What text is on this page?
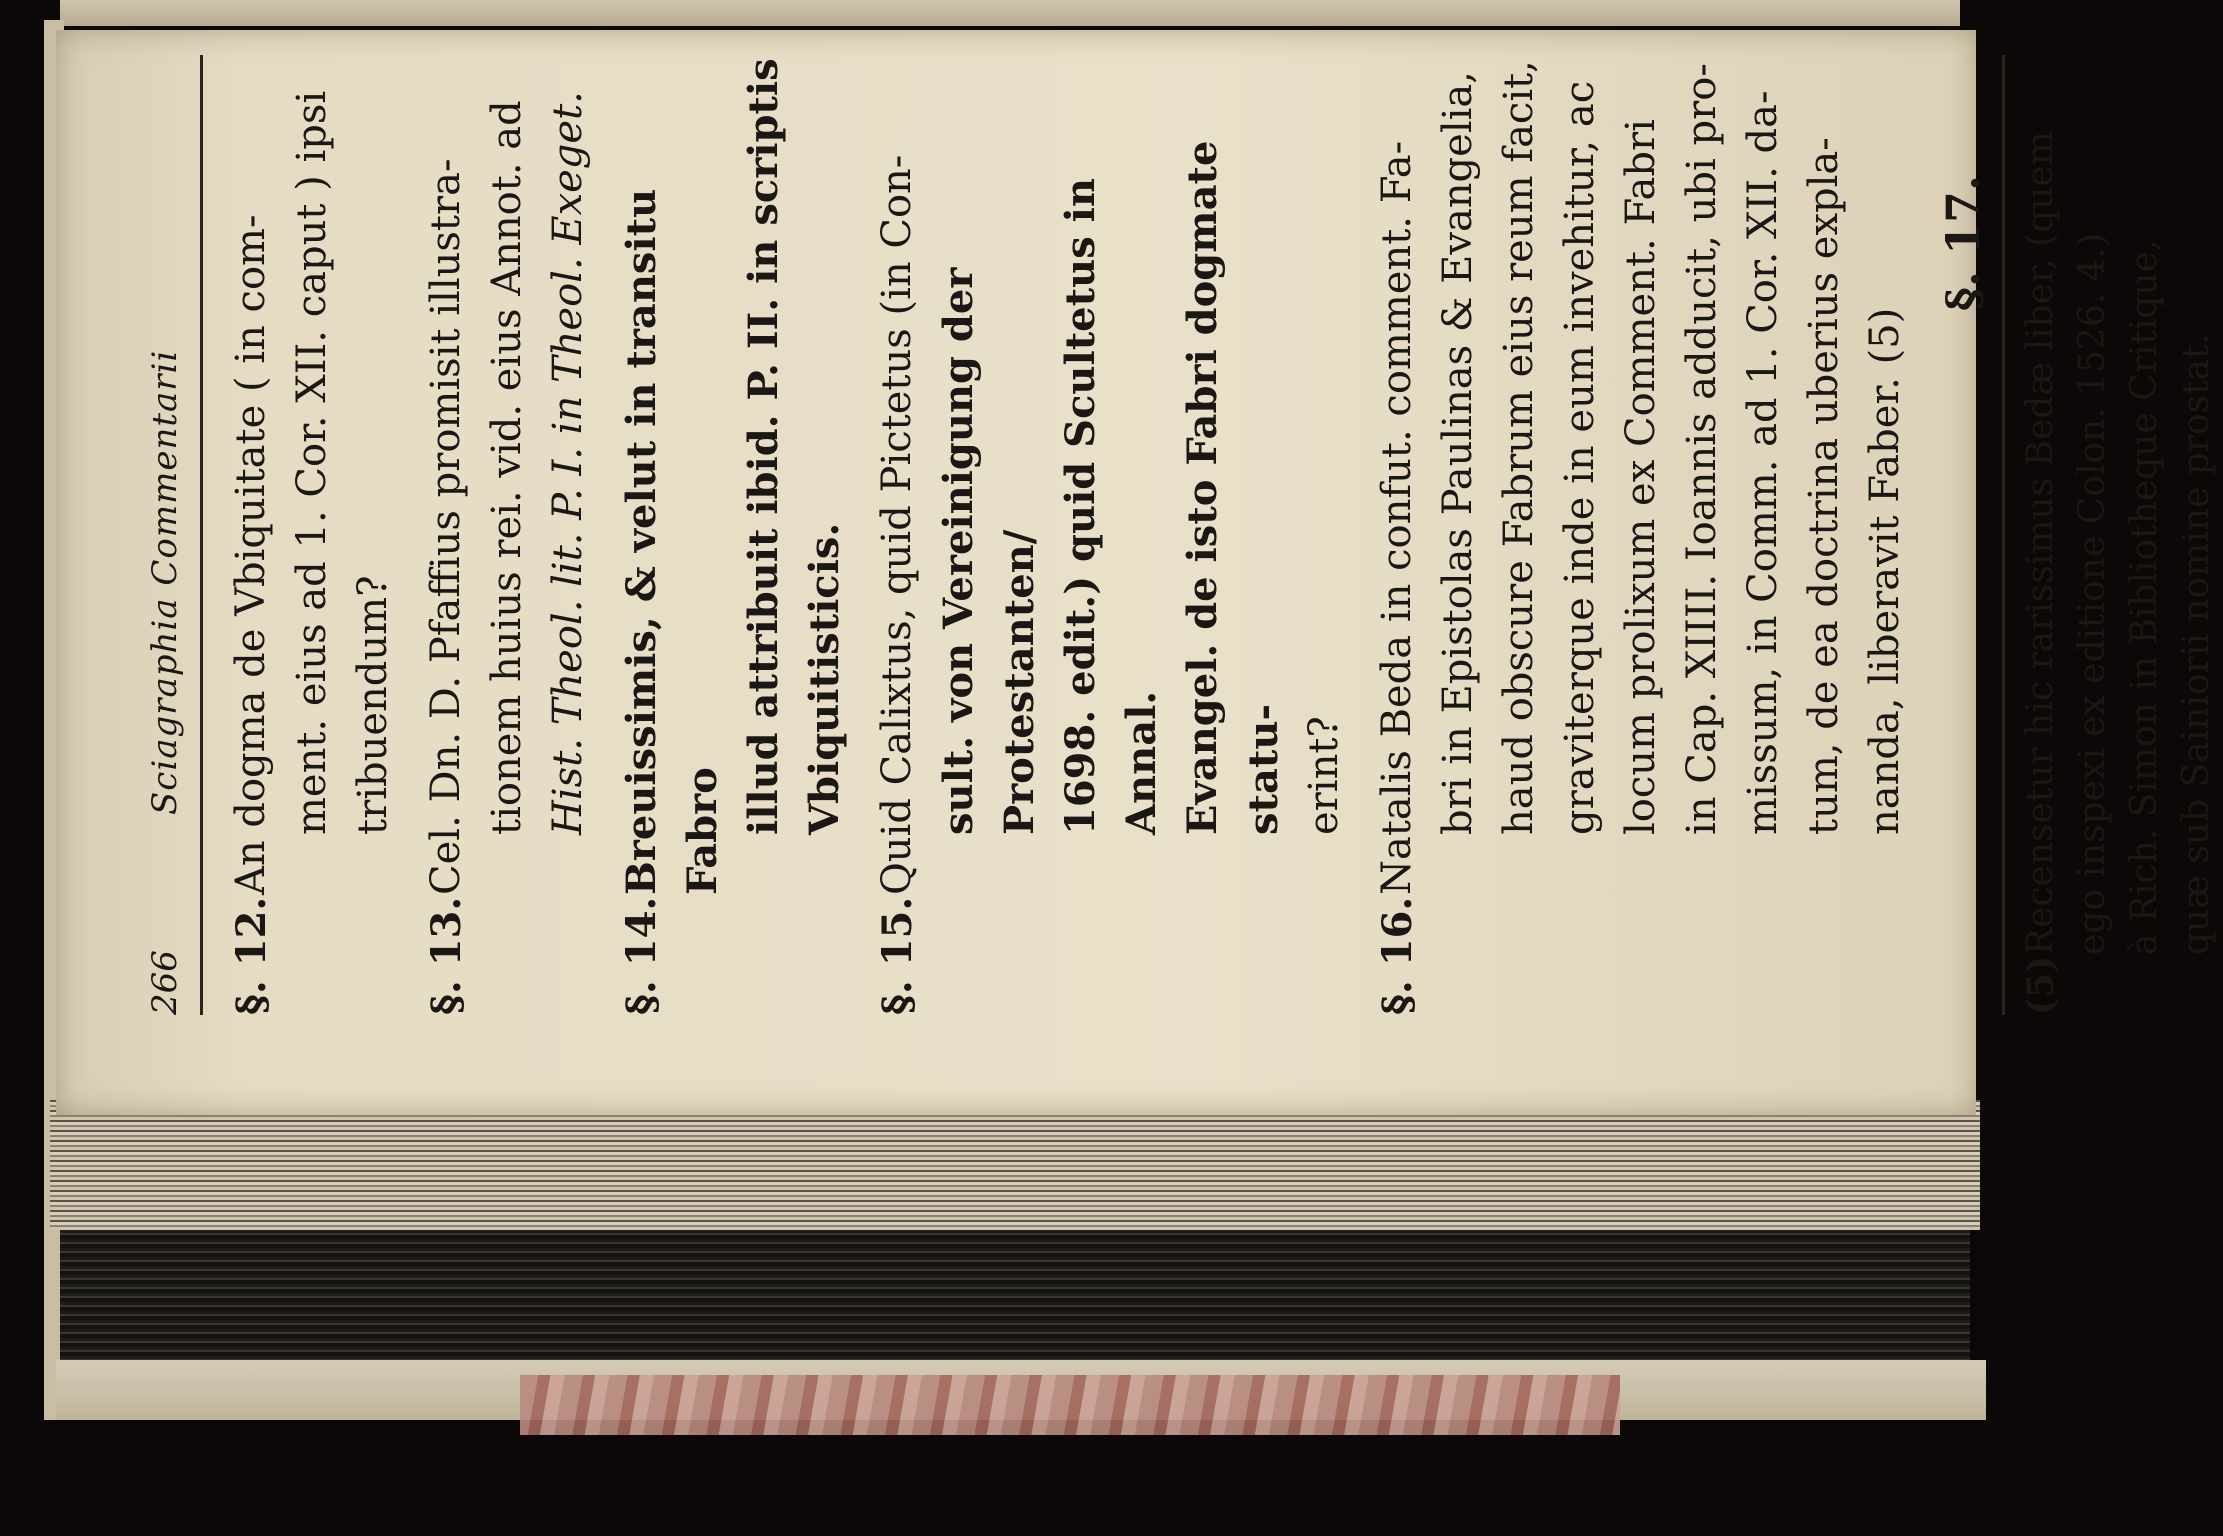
266
Sciagraphia Commentarii
§. 12.
An dogma de Vbiquitate ( in com- ment. eius ad 1. Cor. XII. caput ) ipsi tribuendum?
§. 13.
Cel. Dn. D. Pfaffius promisit illustra- tionem huius rei. vid. eius Annot. ad Hist. Theol. lit. P. I. in Theol. Exeget.
§. 14.
Breuissimis, & velut in transitu Fabro illud attribuit ibid. P. II. in scriptis Vbiquitisticis.
§. 15.
Quid Calixtus, quid Pictetus (in Con- sult. von Vereinigung der Protestanten/ 1698. edit.) quid Scultetus in Annal. Evangel. de isto Fabri dogmate statu- erint?
§. 16.
Natalis Beda in confut. comment. Fa- bri in Epistolas Paulinas & Evangelia, haud obscure Fabrum eius reum facit, graviterque inde in eum invehitur, ac locum prolixum ex Comment. Fabri in Cap. XIIII. Ioannis adducit, ubi pro- missum, in Comm. ad 1. Cor. XII. da- tum, de ea doctrina uberius expla- nanda, liberavit Faber. (5)
§. 17.
(5)
Recensetur hic rarissimus Bedæ liber, (quem ego inspexi ex editione Colon. 1526. 4.) à Rich. Simon in Bibliotheque Critique, quæ sub Sainiorii nomine prostat.
